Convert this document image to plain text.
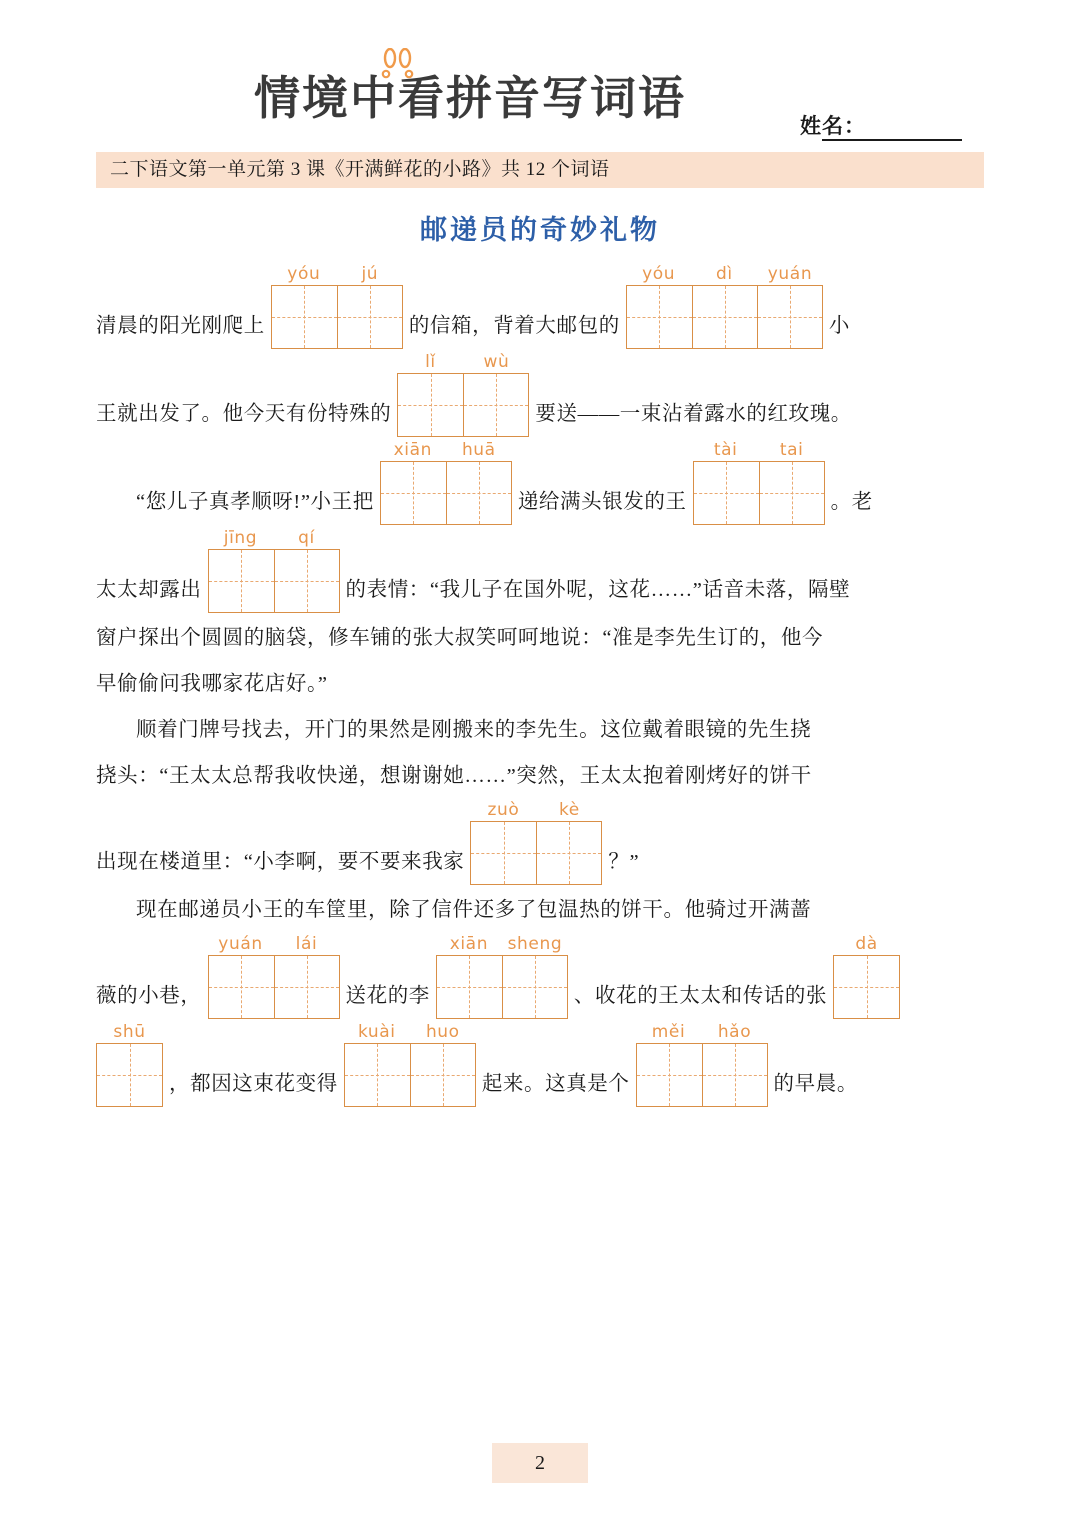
情境中看拼音写词语
姓名：
二下语文第一单元第 3 课《开满鲜花的小路》共 12 个词语
邮递员的奇妙礼物
清晨的阳光刚爬上
yóu	jú
的信箱，背着大邮包的
yóu	dì	yuán
小
王就出发了。他今天有份特殊的
lǐ	wù
要送——一束沾着露水的红玫瑰。
“您儿子真孝顺呀!”小王把
xiān	huā
递给满头银发的王
tài	tai
。老
太太却露出
jīng	qí
的表情：“我儿子在国外呢，这花……”话音未落，隔壁
窗户探出个圆圆的脑袋，修车铺的张大叔笑呵呵地说：“准是李先生订的，他今
早偷偷问我哪家花店好。”
顺着门牌号找去，开门的果然是刚搬来的李先生。这位戴着眼镜的先生挠
挠头：“王太太总帮我收快递，想谢谢她……”突然，王太太抱着刚烤好的饼干
出现在楼道里：“小李啊，要不要来我家
zuò	kè
？”
现在邮递员小王的车筐里，除了信件还多了包温热的饼干。他骑过开满蔷
薇的小巷，
yuán	lái
送花的李
xiān	sheng
、收花的王太太和传话的张
dà
shū
，都因这束花变得
kuài	huo
起来。这真是个
měi	hǎo
的早晨。
2
